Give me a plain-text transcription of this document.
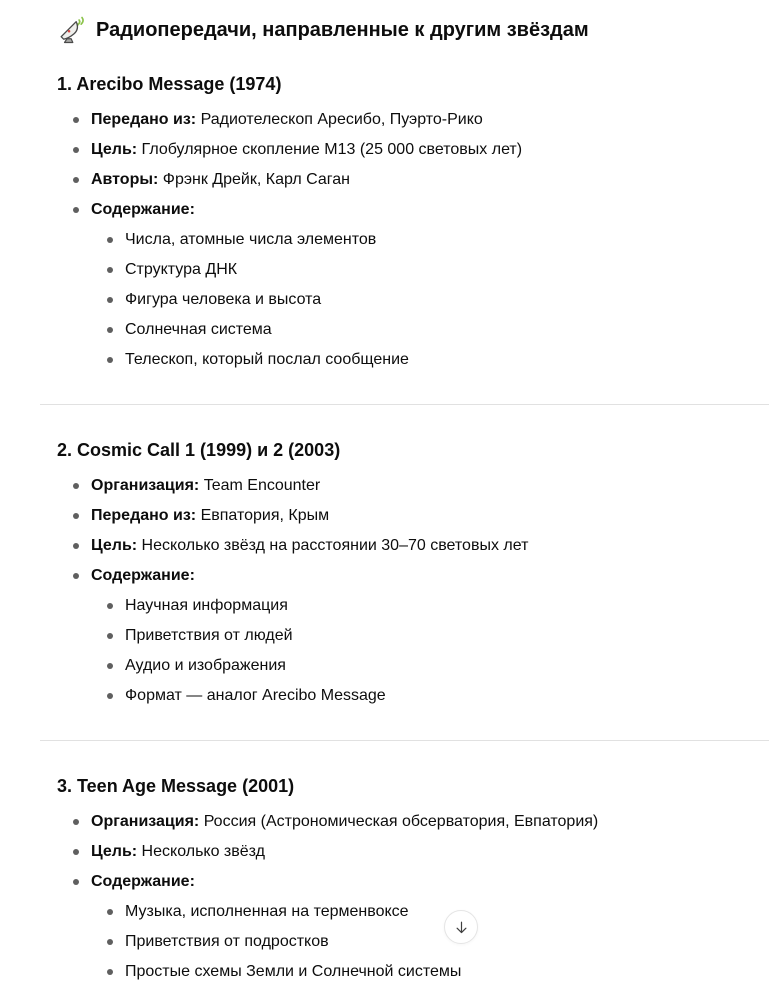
Радиопередачи, направленные к другим звёздам
1. Arecibo Message (1974)
Передано из: Радиотелескоп Аресибо, Пуэрто-Рико
Цель: Глобулярное скопление M13 (25 000 световых лет)
Авторы: Фрэнк Дрейк, Карл Саган
Содержание:
Числа, атомные числа элементов
Структура ДНК
Фигура человека и высота
Солнечная система
Телескоп, который послал сообщение
2. Cosmic Call 1 (1999) и 2 (2003)
Организация: Team Encounter
Передано из: Евпатория, Крым
Цель: Несколько звёзд на расстоянии 30–70 световых лет
Содержание:
Научная информация
Приветствия от людей
Аудио и изображения
Формат — аналог Arecibo Message
3. Teen Age Message (2001)
Организация: Россия (Астрономическая обсерватория, Евпатория)
Цель: Несколько звёзд
Содержание:
Музыка, исполненная на терменвоксе
Приветствия от подростков
Простые схемы Земли и Солнечной системы
